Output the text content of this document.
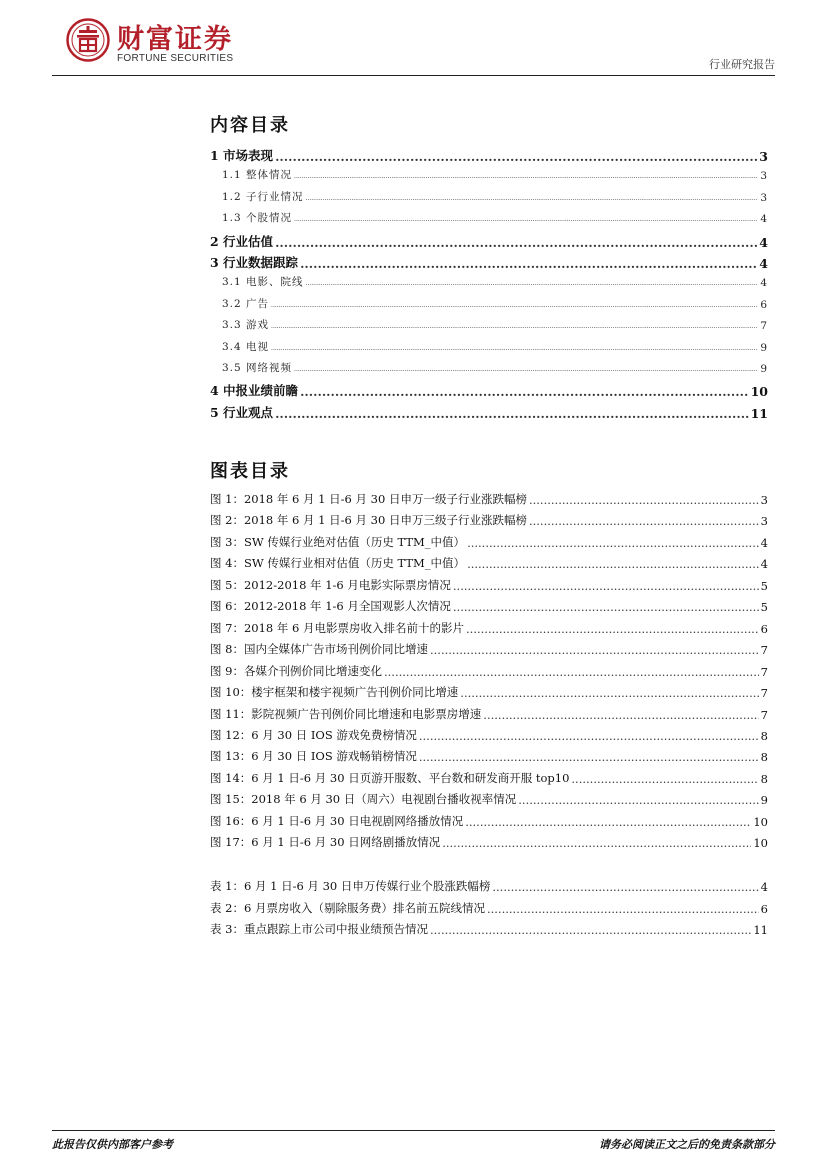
财富证券
FORTUNE SECURITIES	行业研究报告
内容目录
1 市场表现 .....	3
1.1 整体情况 .....	3
1.2 子行业情况 .....	3
1.3 个股情况 .....	4
2 行业估值 .....	4
3 行业数据跟踪 .....	4
3.1 电影、院线 .....	4
3.2 广告 .....	6
3.3 游戏 .....	7
3.4 电视 .....	9
3.5 网络视频 .....	9
4 中报业绩前瞻 .....	10
5 行业观点 .....	11
图表目录
图 1：2018 年 6 月 1 日-6 月 30 日申万一级子行业涨跌幅榜 .....	3
图 2：2018 年 6 月 1 日-6 月 30 日申万三级子行业涨跌幅榜 .....	3
图 3：SW 传媒行业绝对估值（历史 TTM_中值） .....	4
图 4：SW 传媒行业相对估值（历史 TTM_中值） .....	4
图 5：2012-2018 年 1-6 月电影实际票房情况 .....	5
图 6：2012-2018 年 1-6 月全国观影人次情况 .....	5
图 7：2018 年 6 月电影票房收入排名前十的影片 .....	6
图 8：国内全媒体广告市场刊例价同比增速 .....	7
图 9：各媒介刊例价同比增速变化 .....	7
图 10：楼宇框架和楼宇视频广告刊例价同比增速 .....	7
图 11：影院视频广告刊例价同比增速和电影票房增速 .....	7
图 12：6 月 30 日 IOS 游戏免费榜情况 .....	8
图 13：6 月 30 日 IOS 游戏畅销榜情况 .....	8
图 14：6 月 1 日-6 月 30 日页游开服数、平台数和研发商开服 top10 .....	8
图 15：2018 年 6 月 30 日（周六）电视剧台播收视率情况 .....	9
图 16：6 月 1 日-6 月 30 日电视剧网络播放情况 .....	10
图 17：6 月 1 日-6 月 30 日网络剧播放情况 .....	10
表 1：6 月 1 日-6 月 30 日申万传媒行业个股涨跌幅榜 .....	4
表 2：6 月票房收入（剔除服务费）排名前五院线情况 .....	6
表 3：重点跟踪上市公司中报业绩预告情况 .....	11
此报告仅供内部客户参考	请务必阅读正文之后的免责条款部分
